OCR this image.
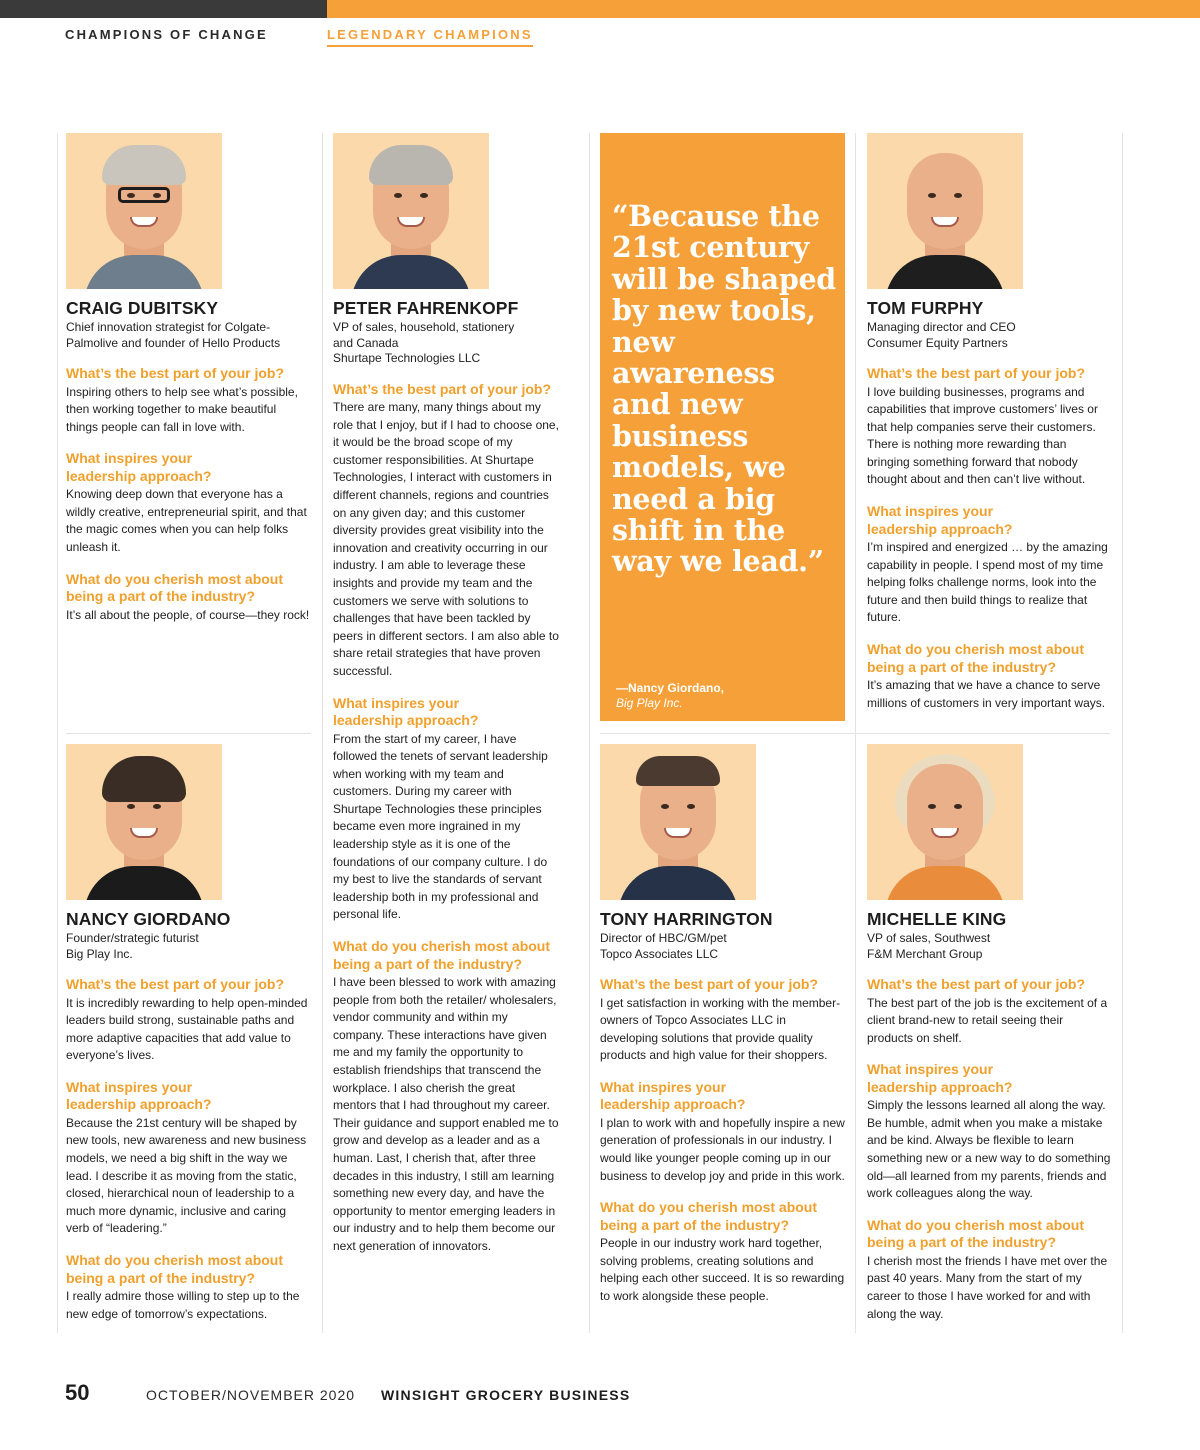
CHAMPIONS OF CHANGE	LEGENDARY CHAMPIONS
CRAIG DUBITSKY
Chief innovation strategist for Colgate-
Palmolive and founder of Hello Products
What’s the best part of your job?
Inspiring others to help see what’s possible, then working together to make beautiful things people can fall in love with.
What inspires your
leadership approach?
Knowing deep down that everyone has a wildly creative, entrepreneurial spirit, and that the magic comes when you can help folks unleash it.
What do you cherish most about
being a part of the industry?
It’s all about the people, of course—they rock!
PETER FAHRENKOPF
VP of sales, household, stationery
and Canada
Shurtape Technologies LLC
What’s the best part of your job?
There are many, many things about my role that I enjoy, but if I had to choose one, it would be the broad scope of my customer responsibilities. At Shurtape Technologies, I interact with customers in different channels, regions and countries on any given day; and this customer diversity provides great visibility into the innovation and creativity occurring in our industry. I am able to leverage these insights and provide my team and the customers we serve with solutions to challenges that have been tackled by peers in different sectors. I am also able to share retail strategies that have proven successful.
What inspires your
leadership approach?
From the start of my career, I have followed the tenets of servant leadership when working with my team and customers. During my career with Shurtape Technologies these principles became even more ingrained in my leadership style as it is one of the foundations of our company culture. I do my best to live the standards of servant leadership both in my professional and personal life.
What do you cherish most about
being a part of the industry?
I have been blessed to work with amazing people from both the retailer/ wholesalers, vendor community and within my company. These interactions have given me and my family the opportunity to establish friendships that transcend the workplace. I also cherish the great mentors that I had throughout my career. Their guidance and support enabled me to grow and develop as a leader and as a human. Last, I cherish that, after three decades in this industry, I still am learning something new every day, and have the opportunity to mentor emerging leaders in our industry and to help them become our next generation of innovators.
“Because the 21st century will be shaped by new tools, new awareness and new business models, we need a big shift in the way we lead.”
—Nancy Giordano,
Big Play Inc.
TOM FURPHY
Managing director and CEO
Consumer Equity Partners
What’s the best part of your job?
I love building businesses, programs and capabilities that improve customers’ lives or that help companies serve their customers. There is nothing more rewarding than bringing something forward that nobody thought about and then can’t live without.
What inspires your
leadership approach?
I’m inspired and energized … by the amazing capability in people. I spend most of my time helping folks challenge norms, look into the future and then build things to realize that future.
What do you cherish most about
being a part of the industry?
It’s amazing that we have a chance to serve millions of customers in very important ways.
NANCY GIORDANO
Founder/strategic futurist
Big Play Inc.
What’s the best part of your job?
It is incredibly rewarding to help open-minded leaders build strong, sustainable paths and more adaptive capacities that add value to everyone’s lives.
What inspires your
leadership approach?
Because the 21st century will be shaped by new tools, new awareness and new business models, we need a big shift in the way we lead. I describe it as moving from the static, closed, hierarchical noun of leadership to a much more dynamic, inclusive and caring verb of “leadering.”
What do you cherish most about
being a part of the industry?
I really admire those willing to step up to the new edge of tomorrow’s expectations.
TONY HARRINGTON
Director of HBC/GM/pet
Topco Associates LLC
What’s the best part of your job?
I get satisfaction in working with the member-owners of Topco Associates LLC in developing solutions that provide quality products and high value for their shoppers.
What inspires your
leadership approach?
I plan to work with and hopefully inspire a new generation of professionals in our industry. I would like younger people coming up in our business to develop joy and pride in this work.
What do you cherish most about
being a part of the industry?
People in our industry work hard together, solving problems, creating solutions and helping each other succeed. It is so rewarding to work alongside these people.
MICHELLE KING
VP of sales, Southwest
F&M Merchant Group
What’s the best part of your job?
The best part of the job is the excitement of a client brand-new to retail seeing their products on shelf.
What inspires your
leadership approach?
Simply the lessons learned all along the way. Be humble, admit when you make a mistake and be kind. Always be flexible to learn something new or a new way to do something old—all learned from my parents, friends and work colleagues along the way.
What do you cherish most about
being a part of the industry?
I cherish most the friends I have met over the past 40 years. Many from the start of my career to those I have worked for and with along the way.
50	OCTOBER/NOVEMBER 2020 WINSIGHT GROCERY BUSINESS
